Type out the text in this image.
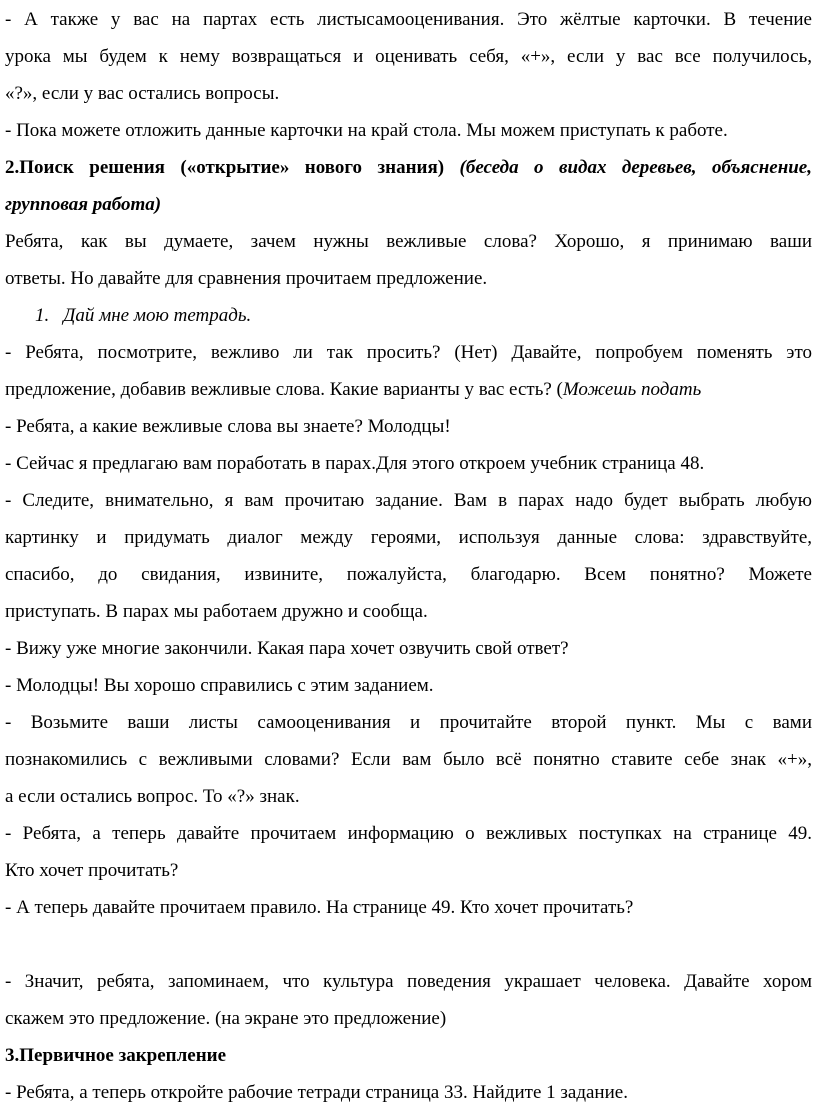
- А также у вас на партах есть листысамооценивания. Это жёлтые карточки. В течение
урока мы будем к нему возвращаться и оценивать себя, «+», если у вас все получилось,
«?», если у вас остались вопросы.
- Пока можете отложить данные карточки на край стола. Мы можем приступать к работе.
2.Поиск решения («открытие» нового знания) (беседа о видах деревьев, объяснение,
групповая работа)
Ребята, как вы думаете, зачем нужны вежливые слова? Хорошо, я принимаю ваши
ответы. Но давайте для сравнения прочитаем предложение.
1. Дай мне мою тетрадь.
- Ребята, посмотрите, вежливо ли так просить? (Нет) Давайте, попробуем поменять это
предложение, добавив вежливые слова. Какие варианты у вас есть? (Можешь подать
- Ребята, а какие вежливые слова вы знаете? Молодцы!
- Сейчас я предлагаю вам поработать в парах.Для этого откроем учебник страница 48.
- Следите, внимательно, я вам прочитаю задание. Вам в парах надо будет выбрать любую
картинку и придумать диалог между героями, используя данные слова: здравствуйте,
спасибо, до свидания, извините, пожалуйста, благодарю. Всем понятно? Можете
приступать. В парах мы работаем дружно и сообща.
- Вижу уже многие закончили. Какая пара хочет озвучить свой ответ?
- Молодцы! Вы хорошо справились с этим заданием.
- Возьмите ваши листы самооценивания и прочитайте второй пункт. Мы с вами
познакомились с вежливыми словами? Если вам было всё понятно ставите себе знак «+»,
а если остались вопрос. То «?» знак.
- Ребята, а теперь давайте прочитаем информацию о вежливых поступках на странице 49.
Кто хочет прочитать?
- А теперь давайте прочитаем правило. На странице 49. Кто хочет прочитать?

- Значит, ребята, запоминаем, что культура поведения украшает человека. Давайте хором
скажем это предложение. (на экране это предложение)
3.Первичное закрепление
- Ребята, а теперь откройте рабочие тетради страница 33. Найдите 1 задание.
